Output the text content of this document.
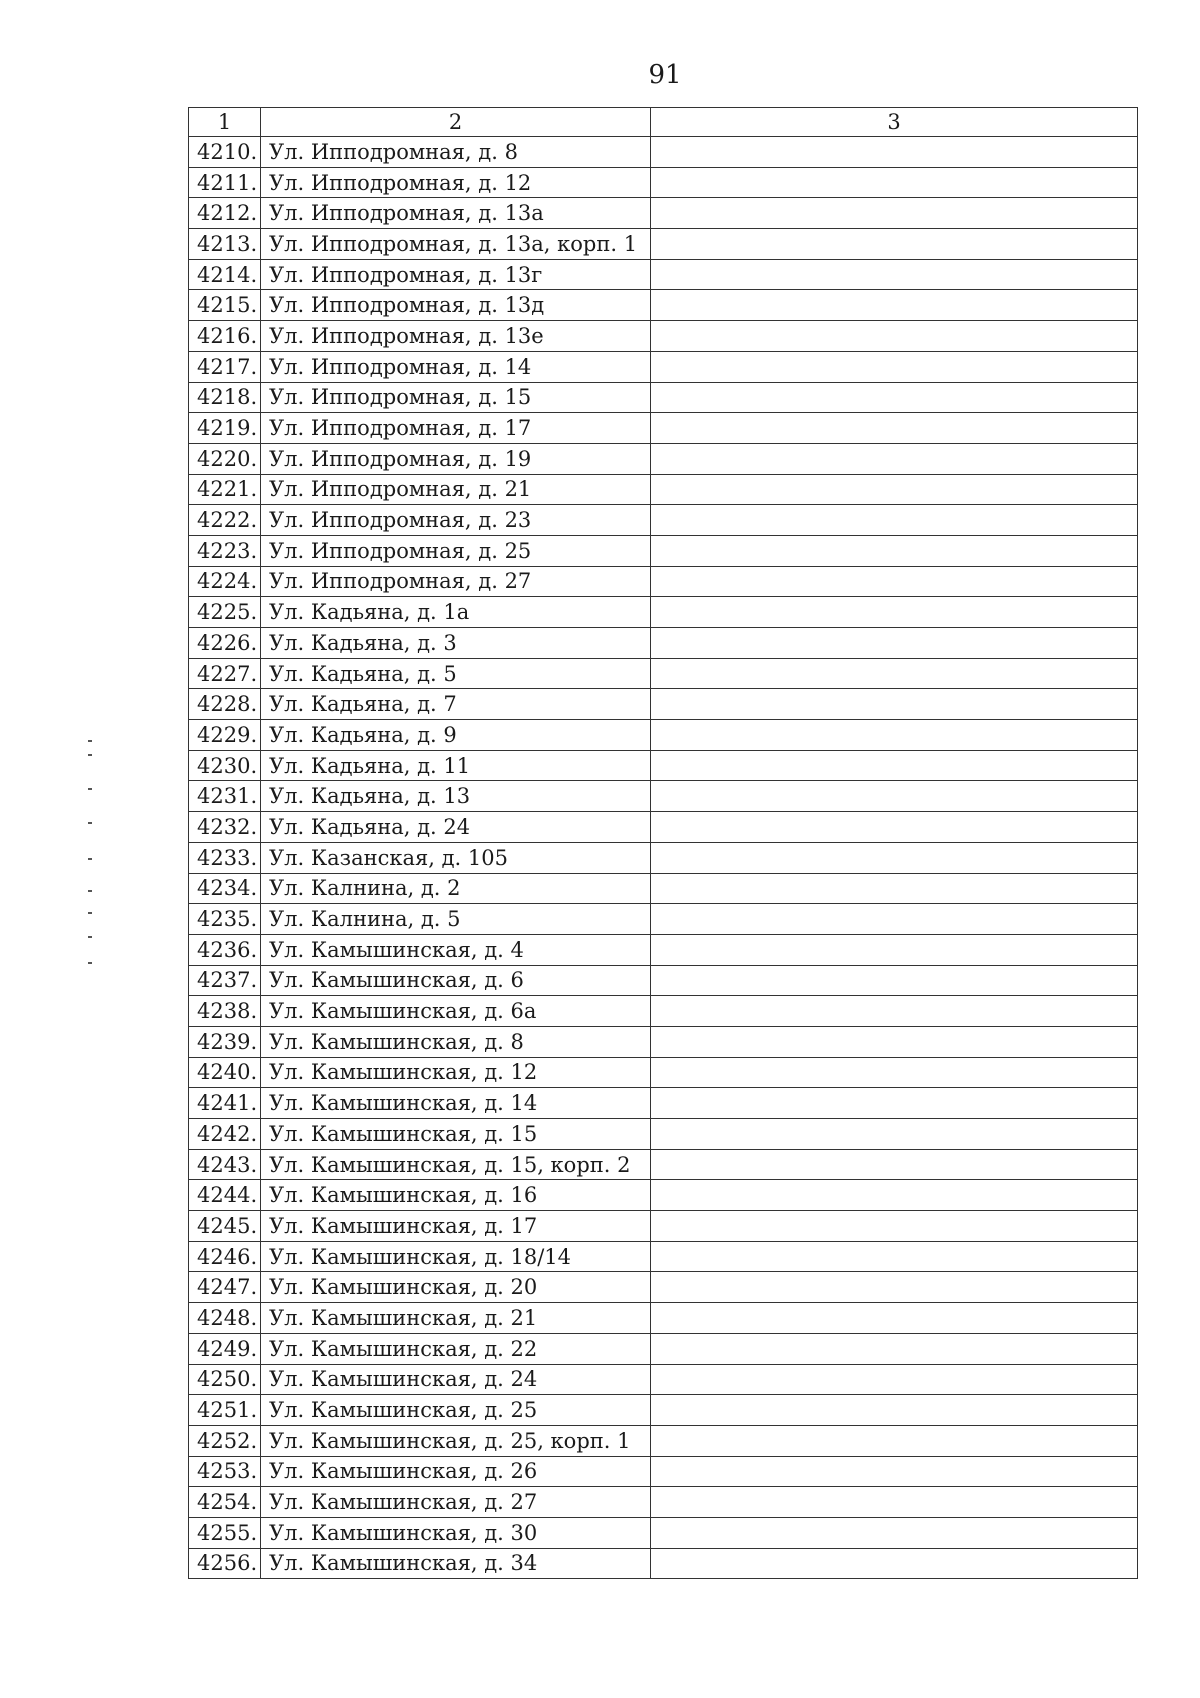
91
1	2	3
4210.	Ул. Ипподромная, д. 8	
4211.	Ул. Ипподромная, д. 12	
4212.	Ул. Ипподромная, д. 13а	
4213.	Ул. Ипподромная, д. 13а, корп. 1	
4214.	Ул. Ипподромная, д. 13г	
4215.	Ул. Ипподромная, д. 13д	
4216.	Ул. Ипподромная, д. 13е	
4217.	Ул. Ипподромная, д. 14	
4218.	Ул. Ипподромная, д. 15	
4219.	Ул. Ипподромная, д. 17	
4220.	Ул. Ипподромная, д. 19	
4221.	Ул. Ипподромная, д. 21	
4222.	Ул. Ипподромная, д. 23	
4223.	Ул. Ипподромная, д. 25	
4224.	Ул. Ипподромная, д. 27	
4225.	Ул. Кадьяна, д. 1а	
4226.	Ул. Кадьяна, д. 3	
4227.	Ул. Кадьяна, д. 5	
4228.	Ул. Кадьяна, д. 7	
4229.	Ул. Кадьяна, д. 9	
4230.	Ул. Кадьяна, д. 11	
4231.	Ул. Кадьяна, д. 13	
4232.	Ул. Кадьяна, д. 24	
4233.	Ул. Казанская, д. 105	
4234.	Ул. Калнина, д. 2	
4235.	Ул. Калнина, д. 5	
4236.	Ул. Камышинская, д. 4	
4237.	Ул. Камышинская, д. 6	
4238.	Ул. Камышинская, д. 6а	
4239.	Ул. Камышинская, д. 8	
4240.	Ул. Камышинская, д. 12	
4241.	Ул. Камышинская, д. 14	
4242.	Ул. Камышинская, д. 15	
4243.	Ул. Камышинская, д. 15, корп. 2	
4244.	Ул. Камышинская, д. 16	
4245.	Ул. Камышинская, д. 17	
4246.	Ул. Камышинская, д. 18/14	
4247.	Ул. Камышинская, д. 20	
4248.	Ул. Камышинская, д. 21	
4249.	Ул. Камышинская, д. 22	
4250.	Ул. Камышинская, д. 24	
4251.	Ул. Камышинская, д. 25	
4252.	Ул. Камышинская, д. 25, корп. 1	
4253.	Ул. Камышинская, д. 26	
4254.	Ул. Камышинская, д. 27	
4255.	Ул. Камышинская, д. 30	
4256.	Ул. Камышинская, д. 34	
